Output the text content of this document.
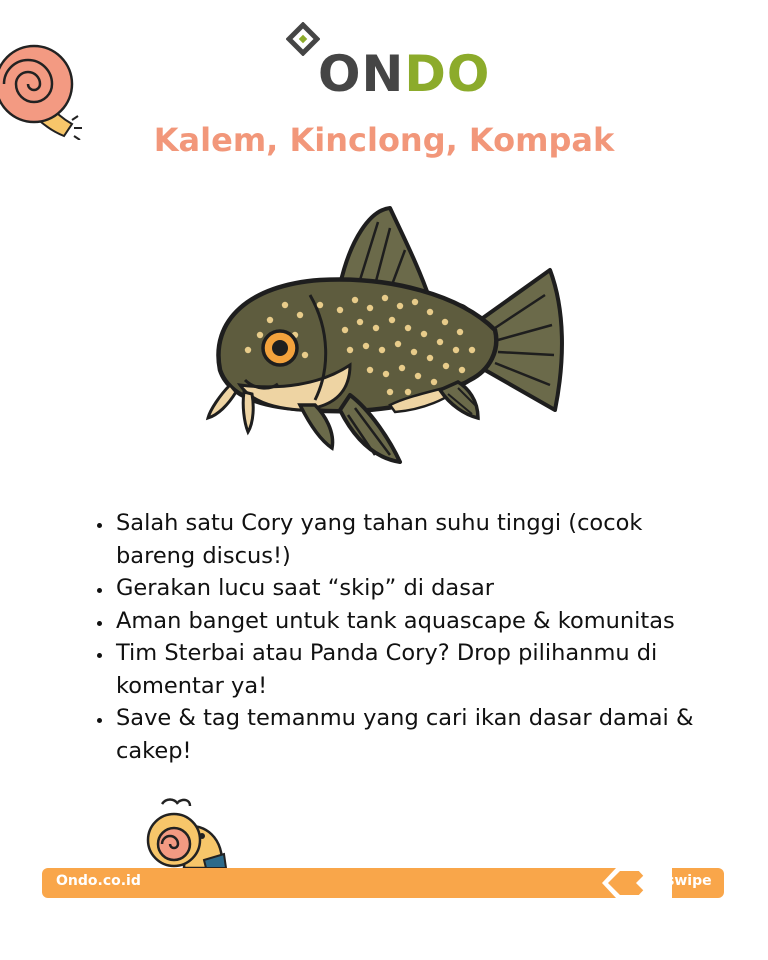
ONDO
Kalem, Kinclong, Kompak
• Salah satu Cory yang tahan suhu tinggi (cocok bareng discus!)
• Gerakan lucu saat “skip” di dasar
• Aman banget untuk tank aquascape & komunitas
• Tim Sterbai atau Panda Cory? Drop pilihanmu di komentar ya!
• Save & tag temanmu yang cari ikan dasar damai & cakep!
Ondo.co.id	swipe
